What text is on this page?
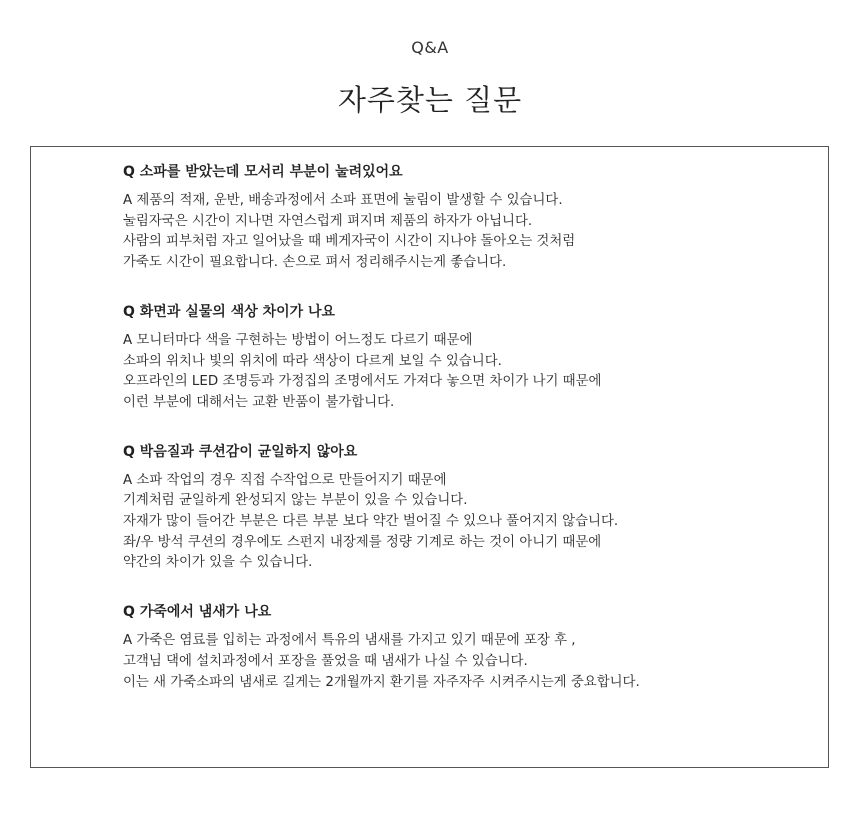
Q&A
자주찾는 질문
Q 소파를 받았는데 모서리 부분이 눌려있어요
A 제품의 적재, 운반, 배송과정에서 소파 표면에 눌림이 발생할 수 있습니다.
눌림자국은 시간이 지나면 자연스럽게 펴지며 제품의 하자가 아닙니다.
사람의 피부처럼 자고 일어났을 때 베게자국이 시간이 지나야 돌아오는 것처럼
가죽도 시간이 필요합니다. 손으로 펴서 정리해주시는게 좋습니다.
Q 화면과 실물의 색상 차이가 나요
A 모니터마다 색을 구현하는 방법이 어느정도 다르기 때문에
소파의 위치나 빛의 위치에 따라 색상이 다르게 보일 수 있습니다.
오프라인의 LED 조명등과 가정집의 조명에서도 가져다 놓으면 차이가 나기 때문에
이런 부분에 대해서는 교환 반품이 불가합니다.
Q 박음질과 쿠션감이 균일하지 않아요
A 소파 작업의 경우 직접 수작업으로 만들어지기 때문에
기계처럼 균일하게 완성되지 않는 부분이 있을 수 있습니다.
자재가 많이 들어간 부분은 다른 부분 보다 약간 벌어질 수 있으나 풀어지지 않습니다.
좌/우 방석 쿠션의 경우에도 스펀지 내장제를 정량 기계로 하는 것이 아니기 때문에
약간의 차이가 있을 수 있습니다.
Q 가죽에서 냄새가 나요
A 가죽은 염료를 입히는 과정에서 특유의 냄새를 가지고 있기 때문에 포장 후 ,
고객님 댁에 설치과정에서 포장을 풀었을 때 냄새가 나실 수 있습니다.
이는 새 가죽소파의 냄새로 길게는 2개월까지 환기를 자주자주 시켜주시는게 중요합니다.
